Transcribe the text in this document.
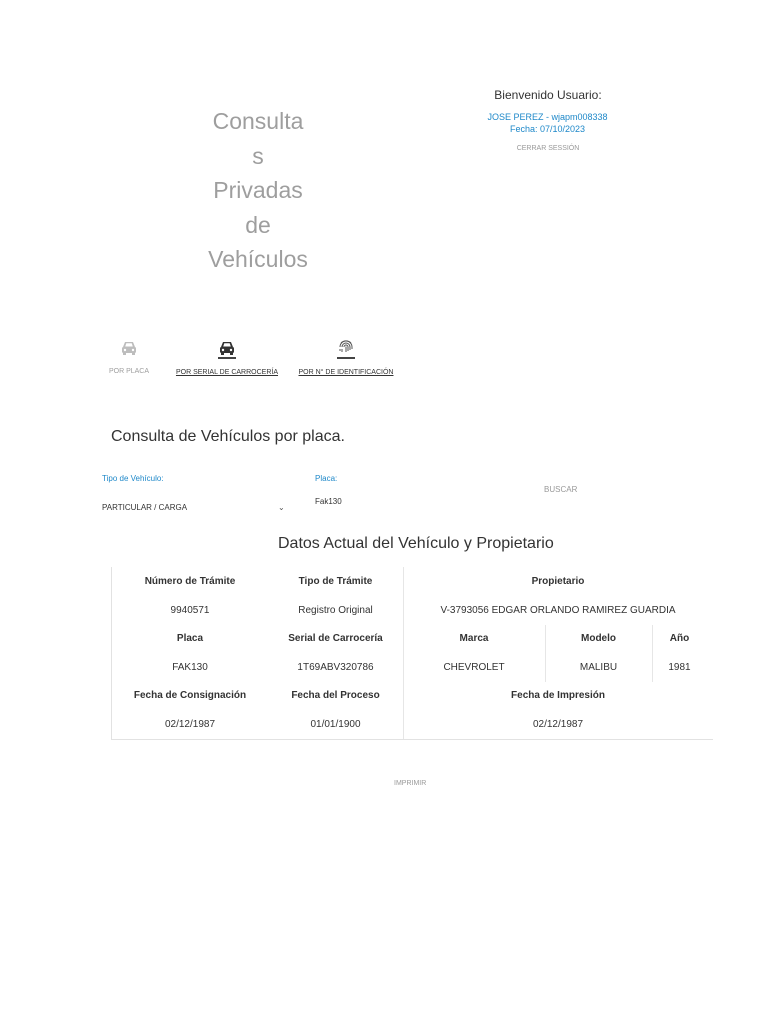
Consulta
s
Privadas
de
Vehículos
Bienvenido Usuario:
JOSE PEREZ - wjapm008338
Fecha: 07/10/2023
CERRAR SESSIÓN
POR PLACA	POR SERIAL DE CARROCERÍA	POR N° DE IDENTIFICACIÓN
Consulta de Vehículos por placa.
Tipo de Vehículo:
PARTICULAR / CARGA	⌄
Placa:
Fak130
BUSCAR
Datos Actual del Vehículo y Propietario
Número de Trámite	Tipo de Trámite	Propietario
9940571	Registro Original	V-3793056 EDGAR ORLANDO RAMIREZ GUARDIA
Placa	Serial de Carrocería	Marca	Modelo	Año
FAK130	1T69ABV320786	CHEVROLET	MALIBU	1981
Fecha de Consignación	Fecha del Proceso	Fecha de Impresión
02/12/1987	01/01/1900	02/12/1987
IMPRIMIR
